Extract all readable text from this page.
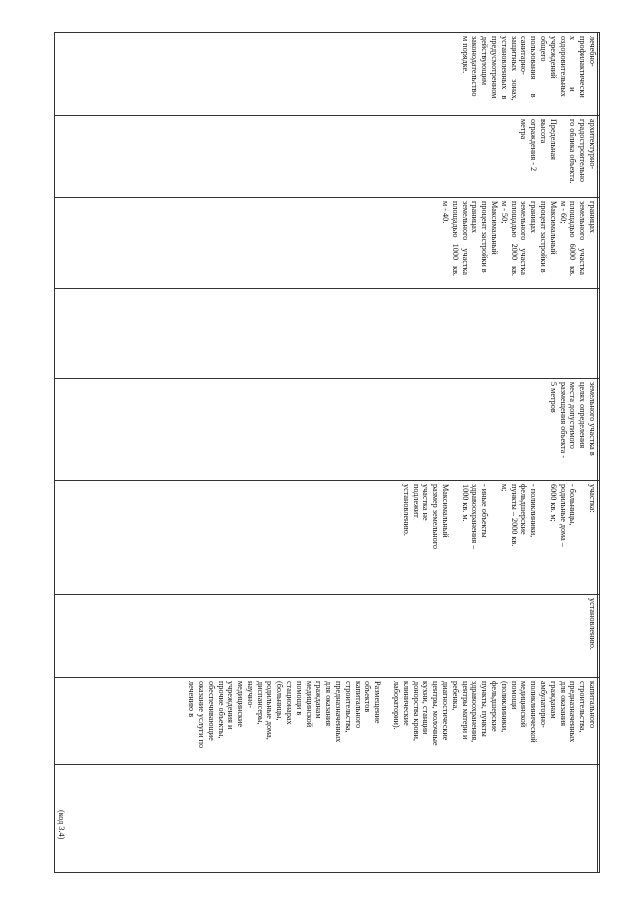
(код 3.4)

капитального

строительства,

предназначенных

для оказания

гражданам

амбулаторно-

поликлинической

медицинской

помощи

(поликлиники,

фельдшерские

пункты, пункты

здравоохранения,

центры матери и

ребенка,

диагностические

центры, молочные

кухни, станции

донорства крови,

клинические

лаборатории).

Размещение

объектов

капитального

строительства,

предназначенных

для оказания

гражданам

медицинской

помощи в

стационарах

(больницы,

родильные дома,

диспансеры,

научно-

медицинские

учреждения и

прочие объекты,

обеспечивающие

оказание услуги по

лечению в

установлению.

участка:

- больницы,

родильные дома –

6000 кв. м;

- поликлиники,

фельдшерские

пункты – 2000 кв.

м;

- иные объекты

здравоохранения –

1000 кв. м.

Максимальный

размер земельного

участка не

подлежит

установлению.

земельного участка в

целях определения

места допустимого

размещения объекта -

5 метров

границах

земельного    участка

площадью   6000   кв.

м - 60;

Максимальный

процент застройки в

границах

земельного    участка

площадью   2000   кв.

м - 50;

Максимальный

процент застройки в

границах

земельного    участка

площадью   1000   кв.

м - 40.

архитектурно-

градостроительно

го облика объекта.

Предельная

высота

ограждения - 2

метра

лечебно-

профилактически

х                       и

оздоровительных

учреждений

общего

пользования       в

санитарно-

защитных    зонах,

установленных   в

предусмотренном

действующим

законодательство

м порядке.
